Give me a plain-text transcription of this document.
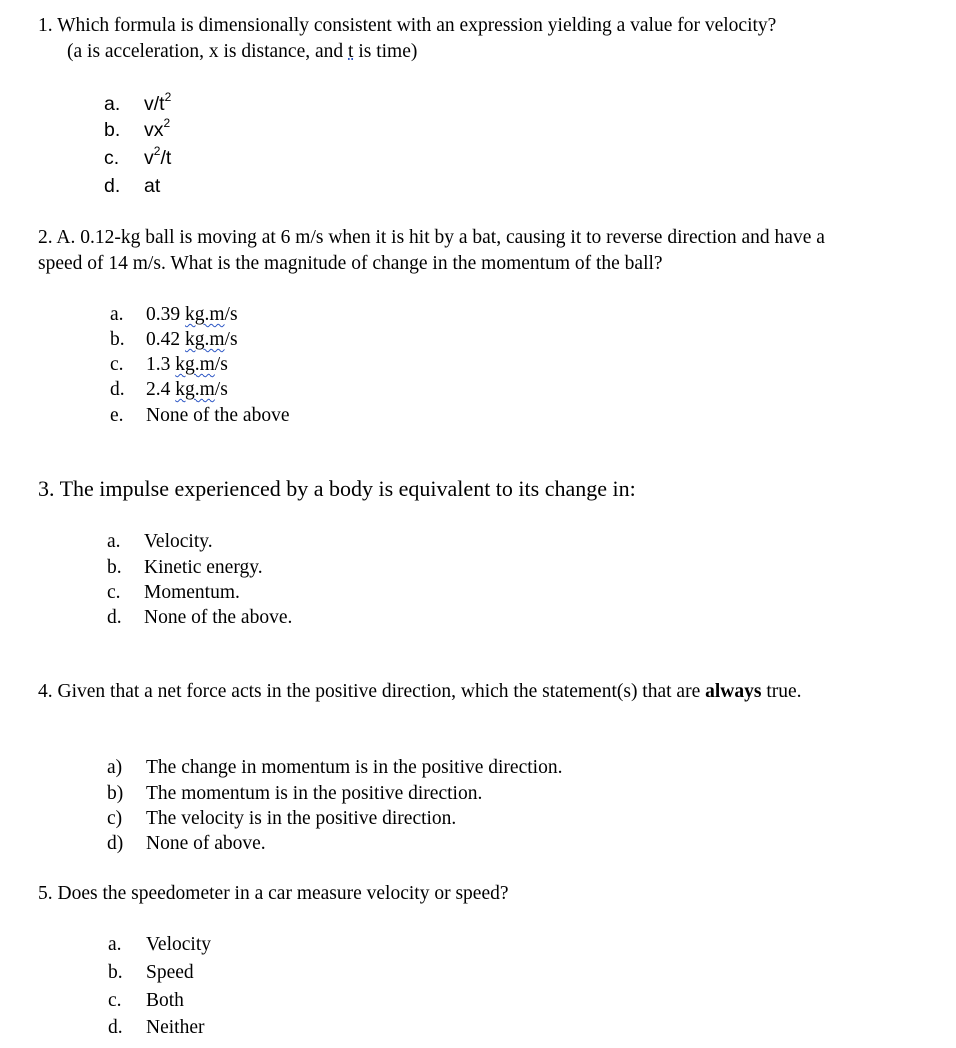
1. Which formula is dimensionally consistent with an expression yielding a value for velocity?
(a is acceleration, x is distance, and t is time)
a. $v/t^2$
b. $vx^2$
c. $v^2/t$
d. at
2. A. 0.12-kg ball is moving at 6 m/s when it is hit by a bat, causing it to reverse direction and have a
speed of 14 m/s. What is the magnitude of change in the momentum of the ball?
a. 0.39 kg.m/s
b. 0.42 kg.m/s
c. 1.3 kg.m/s
d. 2.4 kg.m/s
e. None of the above
3. The impulse experienced by a body is equivalent to its change in:
a. Velocity.
b. Kinetic energy.
c. Momentum.
d. None of the above.
4. Given that a net force acts in the positive direction, which the statement(s) that are always true.
a) The change in momentum is in the positive direction.
b) The momentum is in the positive direction.
c) The velocity is in the positive direction.
d) None of above.
5. Does the speedometer in a car measure velocity or speed?
a. Velocity
b. Speed
c. Both
d. Neither
